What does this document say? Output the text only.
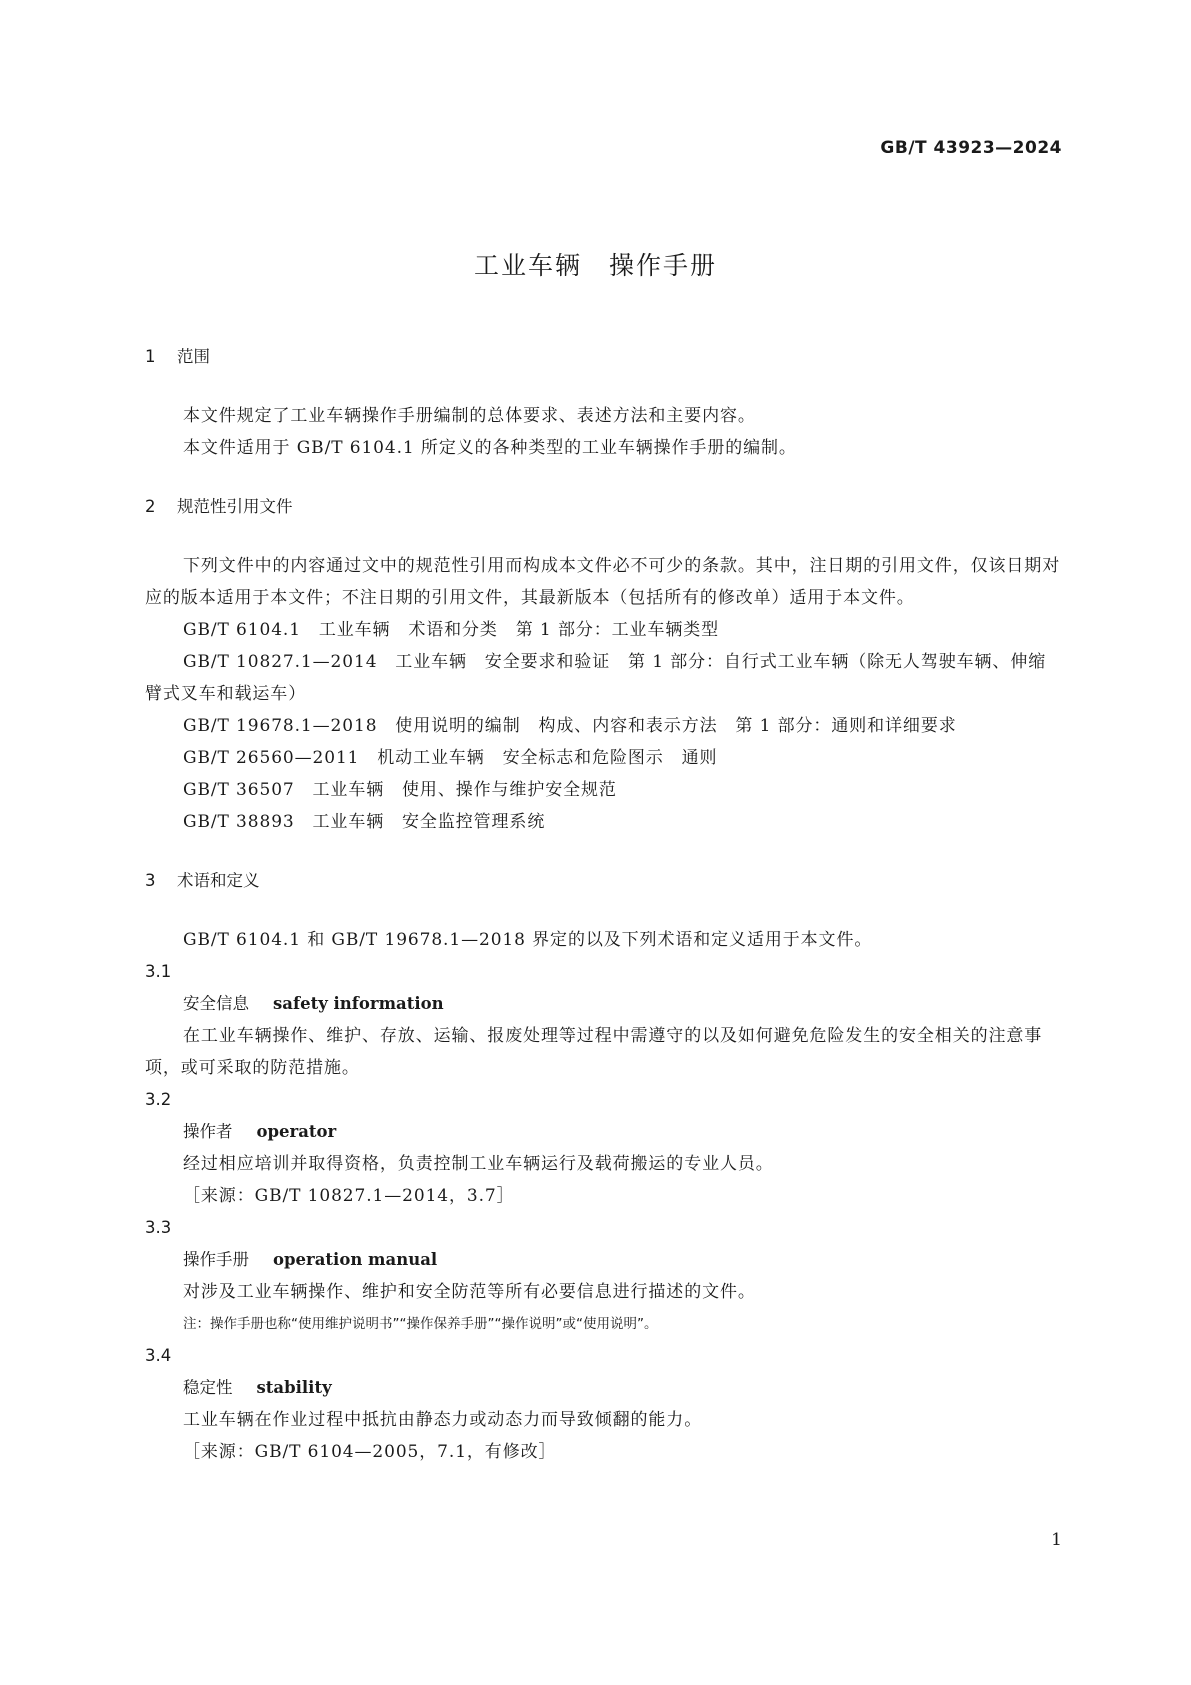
GB/T 43923—2024
工业车辆　操作手册
1 范围
本文件规定了工业车辆操作手册编制的总体要求、表述方法和主要内容。
本文件适用于 GB/T 6104.1 所定义的各种类型的工业车辆操作手册的编制。
2 规范性引用文件
下列文件中的内容通过文中的规范性引用而构成本文件必不可少的条款。其中，注日期的引用文件，仅该日期对应的版本适用于本文件；不注日期的引用文件，其最新版本（包括所有的修改单）适用于本文件。
GB/T 6104.1　工业车辆　术语和分类　第 1 部分：工业车辆类型
GB/T 10827.1—2014　工业车辆　安全要求和验证　第 1 部分：自行式工业车辆（除无人驾驶车辆、伸缩臂式叉车和载运车）
GB/T 19678.1—2018　使用说明的编制　构成、内容和表示方法　第 1 部分：通则和详细要求
GB/T 26560—2011　机动工业车辆　安全标志和危险图示　通则
GB/T 36507　工业车辆　使用、操作与维护安全规范
GB/T 38893　工业车辆　安全监控管理系统
3 术语和定义
GB/T 6104.1 和 GB/T 19678.1—2018 界定的以及下列术语和定义适用于本文件。
3.1
安全信息 safety information
在工业车辆操作、维护、存放、运输、报废处理等过程中需遵守的以及如何避免危险发生的安全相关的注意事项，或可采取的防范措施。
3.2
操作者 operator
经过相应培训并取得资格，负责控制工业车辆运行及载荷搬运的专业人员。
［来源：GB/T 10827.1—2014，3.7］
3.3
操作手册 operation manual
对涉及工业车辆操作、维护和安全防范等所有必要信息进行描述的文件。
注：操作手册也称“使用维护说明书”“操作保养手册”“操作说明”或“使用说明”。
3.4
稳定性 stability
工业车辆在作业过程中抵抗由静态力或动态力而导致倾翻的能力。
［来源：GB/T 6104—2005，7.1，有修改］
1
